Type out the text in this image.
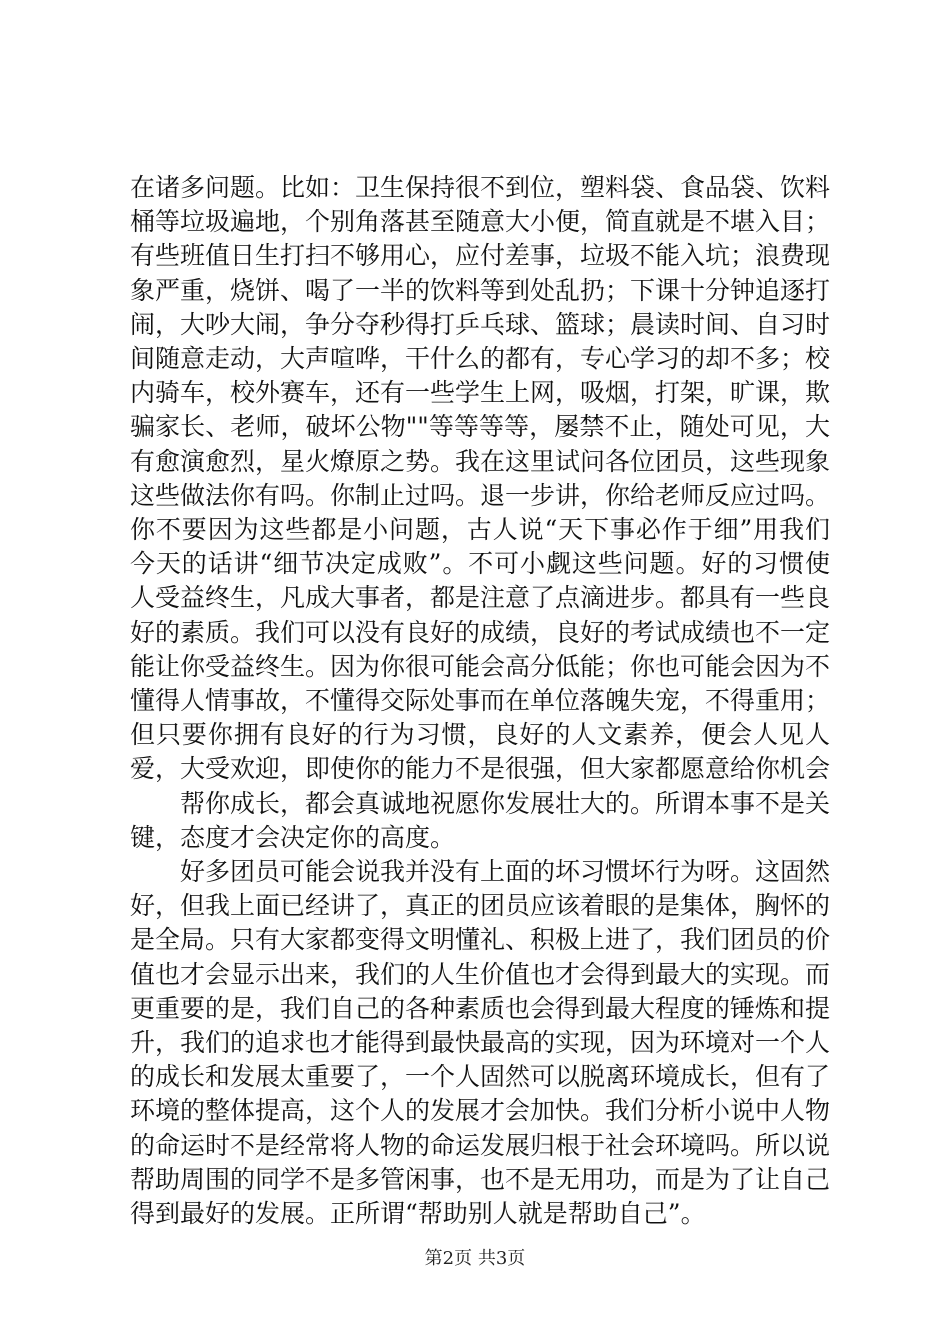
在诸多问题。比如：卫生保持很不到位，塑料袋、食品袋、饮料桶等垃圾遍地，个别角落甚至随意大小便，简直就是不堪入目；有些班值日生打扫不够用心，应付差事，垃圾不能入坑；浪费现象严重，烧饼、喝了一半的饮料等到处乱扔；下课十分钟追逐打闹，大吵大闹，争分夺秒得打乒乓球、篮球；晨读时间、自习时间随意走动，大声喧哗，干什么的都有，专心学习的却不多；校内骑车，校外赛车，还有一些学生上网，吸烟，打架，旷课，欺骗家长、老师，破坏公物""等等等等，屡禁不止，随处可见，大有愈演愈烈，星火燎原之势。我在这里试问各位团员，这些现象这些做法你有吗。你制止过吗。退一步讲，你给老师反应过吗。你不要因为这些都是小问题，古人说“天下事必作于细”用我们今天的话讲“细节决定成败”。不可小觑这些问题。好的习惯使人受益终生，凡成大事者，都是注意了点滴进步。都具有一些良好的素质。我们可以没有良好的成绩，良好的考试成绩也不一定能让你受益终生。因为你很可能会高分低能；你也可能会因为不懂得人情事故，不懂得交际处事而在单位落魄失宠，不得重用；但只要你拥有良好的行为习惯，良好的人文素养，便会人见人爱，大受欢迎，即使你的能力不是很强，但大家都愿意给你机会

帮你成长，都会真诚地祝愿你发展壮大的。所谓本事不是关键，态度才会决定你的高度。

好多团员可能会说我并没有上面的坏习惯坏行为呀。这固然好，但我上面已经讲了，真正的团员应该着眼的是集体，胸怀的是全局。只有大家都变得文明懂礼、积极上进了，我们团员的价值也才会显示出来，我们的人生价值也才会得到最大的实现。而更重要的是，我们自己的各种素质也会得到最大程度的锤炼和提升，我们的追求也才能得到最快最高的实现，因为环境对一个人的成长和发展太重要了，一个人固然可以脱离环境成长，但有了环境的整体提高，这个人的发展才会加快。我们分析小说中人物的命运时不是经常将人物的命运发展归根于社会环境吗。所以说帮助周围的同学不是多管闲事，也不是无用功，而是为了让自己得到最好的发展。正所谓“帮助别人就是帮助自己”。

第2页 共3页
